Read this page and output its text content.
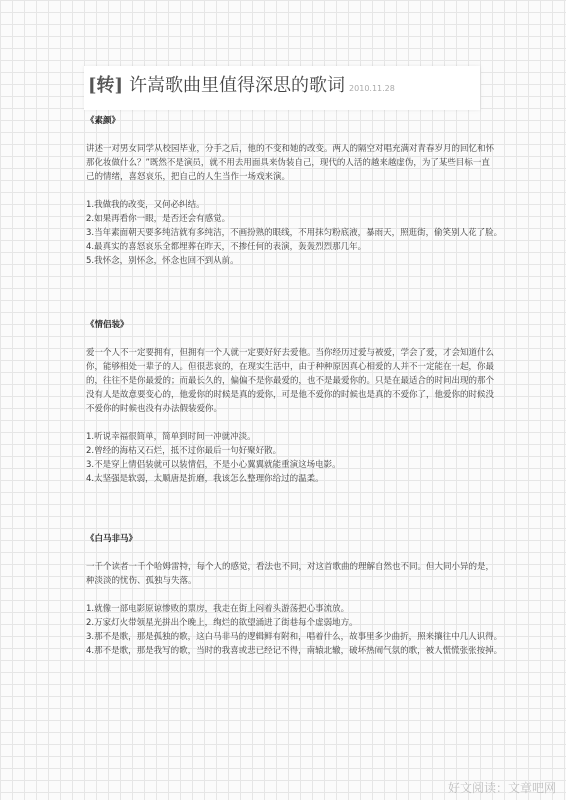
[转] 许嵩歌曲里值得深思的歌词 2010.11.28
《素颜》
讲述一对男女同学从校园毕业，分手之后，他的不变和她的改变。两人的隔空对唱充满对青春岁月的回忆和怀
那化妆做什么？”既然不是演员，就不用去用面具来伪装自己，现代的人活的越来越虚伪，为了某些目标一直
己的情绪，喜怒哀乐，把自己的人生当作一场戏来演。
1.我做我的改变，又何必纠结。
2.如果再看你一眼，是否还会有感觉。
3.当年素面朝天要多纯洁就有多纯洁，不画扮熟的眼线，不用抹匀粉底液，暴雨天，照逛街，偷笑别人花了脸。
4.最真实的喜怒哀乐全都埋葬在昨天，不掺任何的表演，轰轰烈烈那几年。
5.我怀念，别怀念，怀念也回不到从前。
《情侣装》
爱一个人不一定要拥有，但拥有一个人就一定要好好去爱他。当你经历过爱与被爱，学会了爱，才会知道什么
你，能够相处一辈子的人。但很悲哀的，在现实生活中，由于种种原因真心相爱的人并不一定能在一起，你最
的，往往不是你最爱的；而最长久的，偏偏不是你最爱的，也不是最爱你的。只是在最适合的时间出现的那个
没有人是故意要变心的，他爱你的时候是真的爱你，可是他不爱你的时候也是真的不爱你了，他爱你的时候没
不爱你的时候也没有办法假装爱你。
1.听说幸福很简单，简单到时间一冲就冲淡。
2.曾经的海枯又石烂，抵不过你最后一句好聚好散。
3.不是穿上情侣装就可以装情侣，不是小心翼翼就能重演这场电影。
4.太坚强是软弱，太顺唐是折磨，我该怎么整理你给过的温柔。
《白马非马》
一千个读者一千个哈姆雷特，每个人的感觉，看法也不同，对这首歌曲的理解自然也不同。但大同小异的是，
种淡淡的忧伤、孤独与失落。
1.就像一部电影原谅惨败的票房，我走在街上闷着头游荡把心事流放。
2.万家灯火带领星光拼出个晚上，绚烂的欲望涌进了街巷每个虚弱地方。
3.那不是歌，那是孤独的歌，这白马非马的逻辑鲜有附和，唱着什么，故事里多少曲折，照来攘往中几人识得。
4.那不是歌，那是我写的歌，当时的我喜或悲已经记不得，南辕北辙，破坏热闹气氛的歌，被人慌慌张张按掉。
好文阅读：文章吧网
